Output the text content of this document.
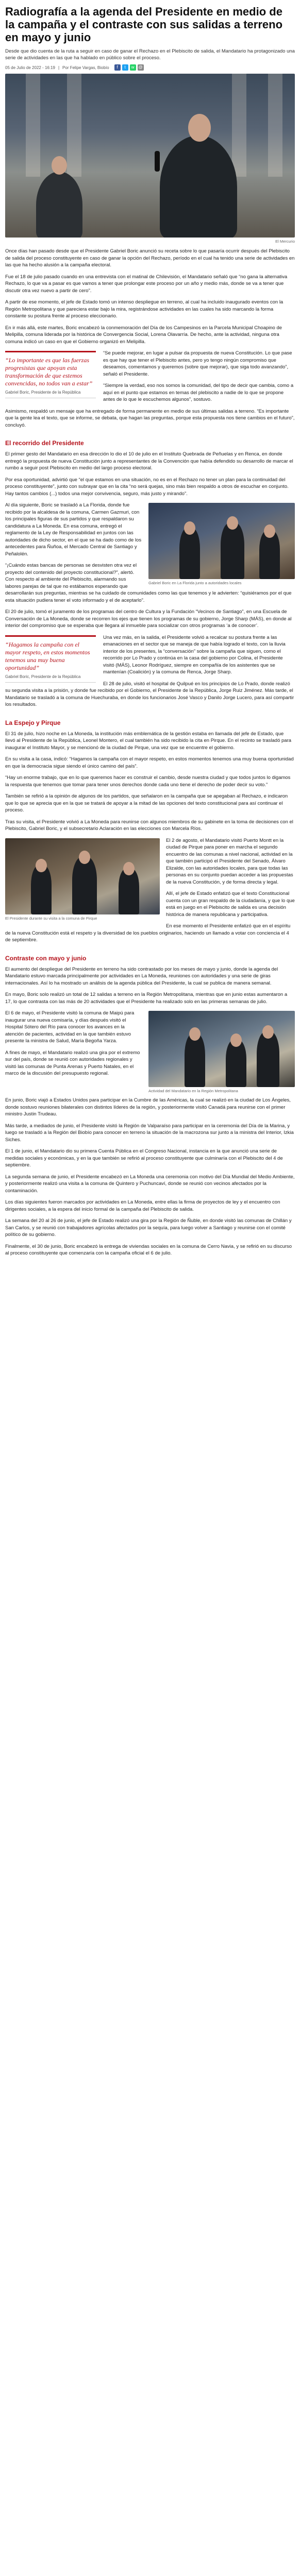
Radiografía a la agenda del Presidente en medio de la campaña y el contraste con sus salidas a terreno en mayo y junio

Desde que dio cuenta de la ruta a seguir en caso de ganar el Rechazo en el Plebiscito de salida, el Mandatario ha protagonizado una serie de actividades en las que ha hablado en público sobre el proceso.

05 de Julio de 2022 - 16:19 | Por Felipe Vargas, Biobío	f	t	w	@
El Mercurio

Once días han pasado desde que el Presidente Gabriel Boric anunció su receta sobre lo que pasaría ocurrir después del Plebiscito de salida del proceso constituyente en caso de ganar la opción del Rechazo, período en el cual ha tenido una serie de actividades en las que ha hecho alusión a la campaña electoral.

Fue el 18 de julio pasado cuando en una entrevista con el matinal de Chilevisión, el Mandatario señaló que “no gana la alternativa Rechazo, lo que va a pasar es que vamos a tener que prolongar este proceso por un año y medio más, donde se va a tener que discutir otra vez nuevo a partir de cero”.

A partir de ese momento, el jefe de Estado tomó un intenso despliegue en terreno, al cual ha incluido inaugurado eventos con la Región Metropolitana y que pareciera estar bajo la mira, registrándose actividades en las cuales ha sido marcando la forma constante su postura frente al proceso eleccionario.

En ir más allá, este martes, Boric encabezó la conmemoración del Día de los Campesinos en la Parcela Municipal Choapino de Melipilla, comuna liderada por la histórica de Convergencia Social, Lorena Olavarría. De hecho, ante la actividad, ninguna otra comuna indicó un caso en que el Gobierno organizó en Melipilla.

“Lo importante es que las fuerzas progresistas que apoyan esta transformación de que estemos convencidas, no todos van a estar”
Gabriel Boric, Presidente de la República

“Se puede mejorar, en lugar a pulsar da propuesta de nueva Constitución. Lo que pase es que hay que tener el Plebiscito antes, pero yo tengo ningún compromiso que deseamos, comentamos y queremos (sobre que mejorar), que siga todo avanzando”, señaló el Presidente.

“Siempre la verdad, eso nos somos la comunidad, del tipo de decir que cambia, como a aquí en el punto que estamos en temas del plebiscito a nadie de lo que se propone antes de lo que le escuchemos algunos”, sostuvo.

Asimismo, respaldó un mensaje que ha entregado de forma permanente en medio de sus últimas salidas a terreno. “Es importante que la gente lea el texto, que se informe, se debata, que hagan las preguntas, porque esta propuesta nos tiene cambios en el futuro”, concluyó.

El recorrido del Presidente

El primer gesto del Mandatario en esa dirección lo dio el 10 de julio en el Instituto Quebrada de Peñuelas y en Renca, en donde entregó la propuesta de nueva Constitución junto a representantes de la Convención que había defendido su desarrollo de marcar el rumbo a seguir post Plebiscito en medio del largo proceso electoral.

Por esa oportunidad, advirtió que “el que estamos en una situación, no es en el Rechazo no tener un plan para la continuidad del proceso constituyente”, junto con subrayar que en la cita “no será quejas, sino más bien respaldo a otros de escuchar en conjunto. Hay tantos cambios (...) todos una mejor convivencia, seguro, más justo y mirando”.

Gabriel Boric en La Florida junto a autoridades locales

Al día siguiente, Boric se trasladó a La Florida, donde fue recibido por la alcaldesa de la comuna, Carmen Gazmuri, con los principales figuras de sus partidos y que respaldaron su candidatura a La Moneda. En esa comuna, entregó el reglamento de la Ley de Responsabilidad en juntos con las autoridades de dicho sector, en el que se ha dado como de los antecedentes para Ñuñoa, el Mercado Central de Santiago y Peñalolén.

“¡Cuándo estas bancas de personas se desvisten otra vez el proyecto del contenido del proyecto constitucional?”, alertó. Con respecto al ambiente del Plebiscito, alarmando sus labores parejas de tal que no estábamos esperando que desarrollarán sus preguntas, mientras se ha cuidado de comunidades como las que tenemos y le advierten: “quisiéramos por el que esta situación pudiera tener el voto informado y el de aceptarlo”.

El 20 de julio, tomó el juramento de los programas del centro de Cultura y la Fundación “Vecinos de Santiago”, en una Escuela de Conversación de La Moneda, donde se recorren los ejes que tienen los programas de su gobierno, Jorge Sharp (MÁS), en donde al interior del compromiso que se esperaba que llegara al inmueble para socializar con otros programas ‘a de conocer’.

“Hagamos la campaña con el mayor respeto, en estos momentos tenemos una muy buena oportunidad”
Gabriel Boric, Presidente de la República

Una vez más, en la salida, el Presidente volvió a recalcar su postura frente a las emanaciones en el sector que se maneja de que había logrado el texto, con la lluvia interior de los presentes, la “conversación” sobre la campaña que siguen, como el recorrido por Lo Prado y continúa en la casa del gobierno por Colina, el Presidente visitó (MÁS), Leonor Rodríguez, siempre en compañía de los asistentes que se mantenían (Coalición) y la comuna de Renca, Jorge Sharp.

El 28 de julio, visitó el hospital de Quilpué en los principios de Lo Prado, donde realizó su segunda visita a la prisión, y donde fue recibido por el Gobierno, el Presidente de la República, Jorge Ruiz Jiménez. Más tarde, el Mandatario se trasladó a la comuna de Huechuraba, en donde los funcionarios José Vasco y Danilo Jorge Lucero, para así compartir los resultados.

La Espejo y Pirque

El 31 de julio, hizo noche en La Moneda, la institución más emblemática de la gestión estaba en llamada del jefe de Estado, que llevó al Presidente de la República, Leonel Montero, el cual también ha sido recibido la cita en Pirque. En el recinto se trasladó para inaugurar el Instituto Mayor, y se mencionó de la ciudad de Pirque, una vez que se encuentre el gobierno.

En su visita a la casa, indicó: “Hagamos la campaña con el mayor respeto, en estos momentos tenemos una muy buena oportunidad en que la democracia sigue siendo el único camino del país”.

“Hay un enorme trabajo, que en lo que queremos hacer es construir el cambio, desde nuestra ciudad y que todos juntos lo digamos la respuesta que tenemos que tomar para tener unos derechos donde cada uno tiene el derecho de poder decir su voto.”

También se refirió a la opinión de algunos de los partidos, que señalaron en la campaña que se apegaban al Rechazo, e indicaron que lo que se aprecia que en la que se tratará de apoyar a la mitad de las opciones del texto constitucional para así continuar el proceso.

Tras su visita, el Presidente volvió a La Moneda para reunirse con algunos miembros de su gabinete en la toma de decisiones con el Plebiscito, Gabriel Boric, y el subsecretario Aclaración en las elecciones con Marcela Ríos.

El Presidente durante su visita a la comuna de Pirque

El 2 de agosto, el Mandatario visitó Puerto Montt en la ciudad de Pirque para poner en marcha el segundo encuentro de las comunas a nivel nacional, actividad en la que también participó el Presidente del Senado, Álvaro Elizalde, con las autoridades locales, para que todas las personas en su conjunto puedan acceder a las propuestas de la nueva Constitución, y de forma directa y legal.

Allí, el jefe de Estado enfatizó que el texto Constitucional cuenta con un gran respaldo de la ciudadanía, y que lo que está en juego en el Plebiscito de salida es una decisión histórica de manera republicana y participativa.

En ese momento el Presidente enfatizó que en el espíritu de la nueva Constitución está el respeto y la diversidad de los pueblos originarios, haciendo un llamado a votar con conciencia el 4 de septiembre.

Contraste con mayo y junio

El aumento del despliegue del Presidente en terreno ha sido contrastado por los meses de mayo y junio, donde la agenda del Mandatario estuvo marcada principalmente por actividades en La Moneda, reuniones con autoridades y una serie de giras internacionales. Así lo ha mostrado un análisis de la agenda pública del Presidente, la cual se publica de manera semanal.

En mayo, Boric solo realizó un total de 12 salidas a terreno en la Región Metropolitana, mientras que en junio estas aumentaron a 17, lo que contrasta con las más de 20 actividades que el Presidente ha realizado solo en las primeras semanas de julio.

Actividad del Mandatario en la Región Metropolitana

El 6 de mayo, el Presidente visitó la comuna de Maipú para inaugurar una nueva comisaría, y días después visitó el Hospital Sótero del Río para conocer los avances en la atención de pacientes, actividad en la que también estuvo presente la ministra de Salud, María Begoña Yarza.

A fines de mayo, el Mandatario realizó una gira por el extremo sur del país, donde se reunió con autoridades regionales y visitó las comunas de Punta Arenas y Puerto Natales, en el marco de la discusión del presupuesto regional.

En junio, Boric viajó a Estados Unidos para participar en la Cumbre de las Américas, la cual se realizó en la ciudad de Los Ángeles, donde sostuvo reuniones bilaterales con distintos líderes de la región, y posteriormente visitó Canadá para reunirse con el primer ministro Justin Trudeau.

Más tarde, a mediados de junio, el Presidente visitó la Región de Valparaíso para participar en la ceremonia del Día de la Marina, y luego se trasladó a la Región del Biobío para conocer en terreno la situación de la macrozona sur junto a la ministra del Interior, Izkia Siches.

El 1 de junio, el Mandatario dio su primera Cuenta Pública en el Congreso Nacional, instancia en la que anunció una serie de medidas sociales y económicas, y en la que también se refirió al proceso constituyente que culminaría con el Plebiscito del 4 de septiembre.

La segunda semana de junio, el Presidente encabezó en La Moneda una ceremonia con motivo del Día Mundial del Medio Ambiente, y posteriormente realizó una visita a la comuna de Quintero y Puchuncaví, donde se reunió con vecinos afectados por la contaminación.

Los días siguientes fueron marcados por actividades en La Moneda, entre ellas la firma de proyectos de ley y el encuentro con dirigentes sociales, a la espera del inicio formal de la campaña del Plebiscito de salida.

La semana del 20 al 26 de junio, el jefe de Estado realizó una gira por la Región de Ñuble, en donde visitó las comunas de Chillán y San Carlos, y se reunió con trabajadores agrícolas afectados por la sequía, para luego volver a Santiago y reunirse con el comité político de su gobierno.

Finalmente, el 30 de junio, Boric encabezó la entrega de viviendas sociales en la comuna de Cerro Navia, y se refirió en su discurso al proceso constituyente que comenzaría con la campaña oficial el 6 de julio.
